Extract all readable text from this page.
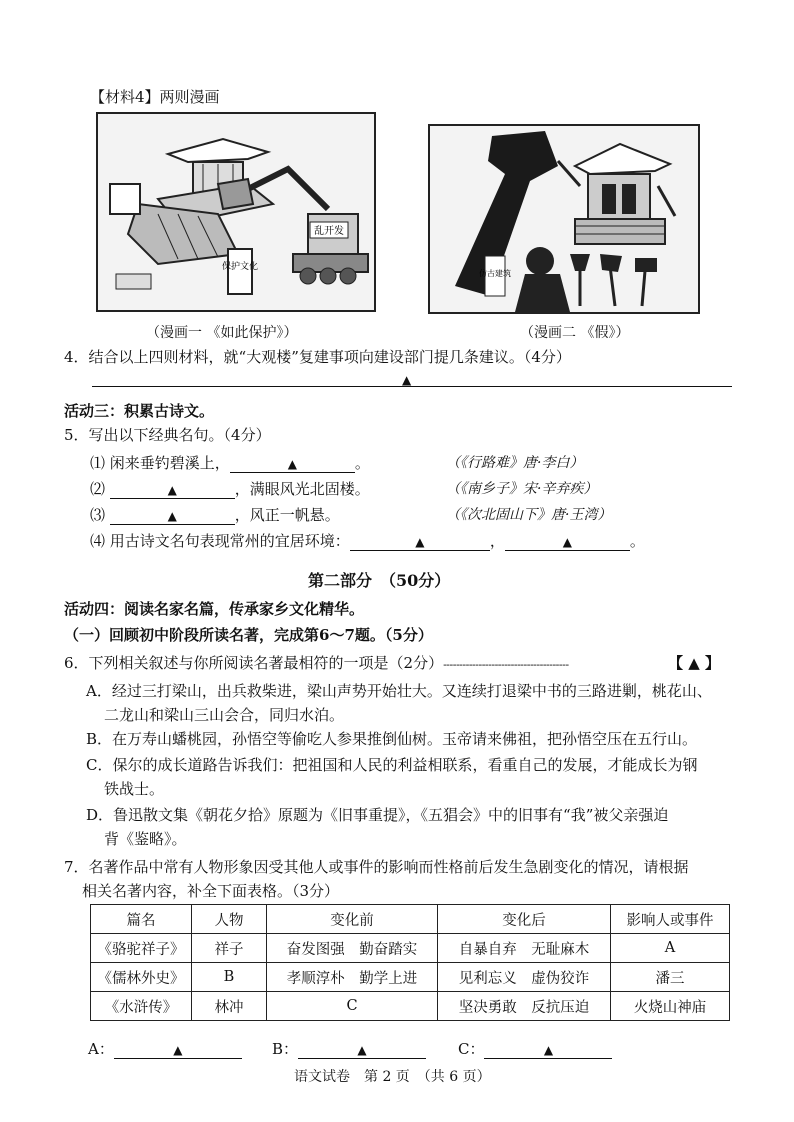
【材料4】两则漫画
乱开发
保护文化
（漫画一 《如此保护》）
仿古建筑
（漫画二 《假》）
4．结合以上四则材料，就“大观楼”复建事项向建设部门提几条建议。（4分）
▲
活动三：积累古诗文。
5．写出以下经典名句。（4分）
⑴ 闲来垂钓碧溪上，	▲	。	（《行路难》唐·李白）
⑵	▲	，满眼风光北固楼。	（《南乡子》宋·辛弃疾）
⑶	▲	，风正一帆悬。	（《次北固山下》唐·王湾）
⑷ 用古诗文名句表现常州的宜居环境：	▲	，	▲	。
第二部分　（50分）
活动四：阅读名家名篇，传承家乡文化精华。
（一）回顾初中阶段所读名著，完成第6～7题。（5分）
6．下列相关叙述与你所阅读名著最相符的一项是（2分）---------------------------------------	【 ▲ 】
A．经过三打梁山，出兵救柴进，梁山声势开始壮大。又连续打退梁中书的三路进剿，桃花山、
二龙山和梁山三山会合，同归水泊。
B．在万寿山蟠桃园，孙悟空等偷吃人参果推倒仙树。玉帝请来佛祖，把孙悟空压在五行山。
C．保尔的成长道路告诉我们：把祖国和人民的利益相联系，看重自己的发展，才能成长为钢
铁战士。
D．鲁迅散文集《朝花夕拾》原题为《旧事重提》，《五猖会》中的旧事有“我”被父亲强迫
背《鉴略》。
7．名著作品中常有人物形象因受其他人或事件的影响而性格前后发生急剧变化的情况，请根据
相关名著内容，补全下面表格。（3分）
篇名	人物	变化前	变化后	影响人或事件
《骆驼祥子》	祥子	奋发图强　勤奋踏实	自暴自弃　无耻麻木	A
《儒林外史》	B	孝顺淳朴　勤学上进	见利忘义　虚伪狡诈	潘三
《水浒传》	林冲	C	坚决勇敢　反抗压迫	火烧山神庙
A：	▲	B：	▲	C：	▲
语文试卷　第 2 页　（共 6 页）
